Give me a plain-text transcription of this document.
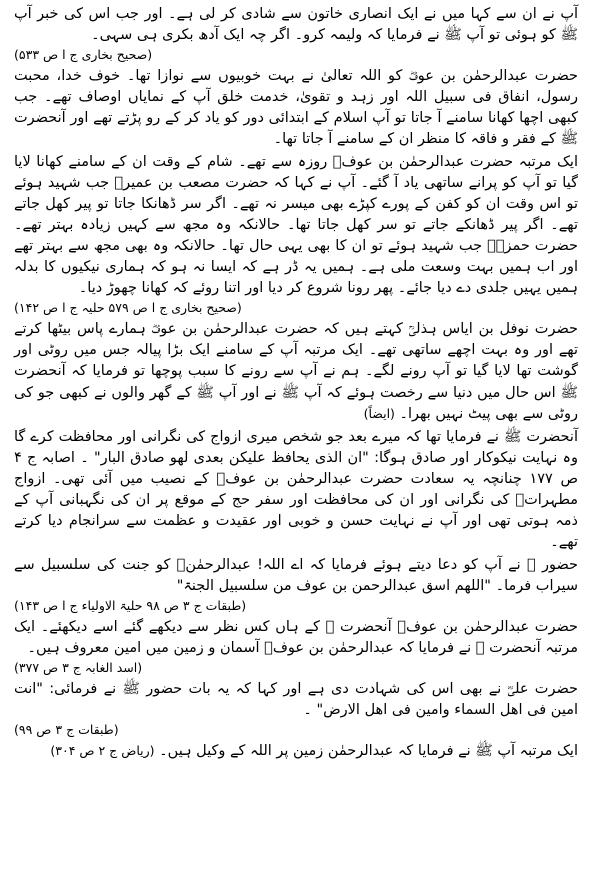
آپ نے ان سے کہا میں نے ایک انصاری خاتون سے شادی کر لی ہے۔ اور جب اس کی خبر آپ ﷺ کو ہوئی تو آپ ﷺ نے فرمایا کہ ولیمہ کرو۔ اگر چہ ایک آدھ بکری ہی سہی۔
(صحیح بخاری ج ا ص ۵۳۳)

حضرت عبدالرحمٰن بن عوفؓ کو اللہ تعالیٰ نے بہت خوبیوں سے نوازا تھا۔ خوف خدا، محبت رسول، انفاق فی سبیل اللہ اور زہد و تقویٰ، خدمت خلق آپ کے نمایاں اوصاف تھے۔ جب کبھی اچھا کھانا سامنے آ جاتا تو آپ اسلام کے ابتدائی دور کو یاد کر کے رو پڑتے تھے اور آنحضرت ﷺ کے فقر و فاقہ کا منظر ان کے سامنے آ جاتا تھا۔

ایک مرتبہ حضرت عبدالرحمٰن بن عوفؓ روزہ سے تھے۔ شام کے وقت ان کے سامنے کھانا لایا گیا تو آپ کو پرانے ساتھی یاد آ گئے۔ آپ نے کہا کہ حضرت مصعب بن عمیرؓ جب شہید ہوئے تو اس وقت ان کو کفن کے پورے کپڑے بھی میسر نہ تھے۔ اگر سر ڈھانکا جاتا تو پیر کھل جاتے تھے۔ اگر پیر ڈھانکے جاتے تو سر کھل جاتا تھا۔ حالانکہ وہ مجھ سے کہیں زیادہ بہتر تھے۔ حضرت حمزہؓ جب شہید ہوئے تو ان کا بھی یہی حال تھا۔ حالانکہ وہ بھی مجھ سے بہتر تھے اور اب ہمیں بہت وسعت ملی ہے۔ ہمیں یہ ڈر ہے کہ ایسا نہ ہو کہ ہماری نیکیوں کا بدلہ ہمیں یہیں جلدی دے دیا جائے۔ پھر رونا شروع کر دیا اور اتنا روئے کہ کھانا چھوڑ دیا۔
(صحیح بخاری ج ا ص ۵۷۹ حلیہ ج ا ص ۱۴۲)

حضرت نوفل بن ایاس ہذلیؒ کہتے ہیں کہ حضرت عبدالرحمٰن بن عوفؓ ہمارے پاس بیٹھا کرتے تھے اور وہ بہت اچھے ساتھی تھے۔ ایک مرتبہ آپ کے سامنے ایک بڑا پیالہ جس میں روٹی اور گوشت تھا لایا گیا تو آپ رونے لگے۔ ہم نے آپ سے رونے کا سبب پوچھا تو فرمایا کہ آنحضرت ﷺ اس حال میں دنیا سے رخصت ہوئے کہ آپ ﷺ نے اور آپ ﷺ کے گھر والوں نے کبھی جو کی روٹی سے بھی پیٹ نہیں بھرا۔ (ایضاً)

آنحضرت ﷺ نے فرمایا تھا کہ میرے بعد جو شخص میری ازواج کی نگرانی اور محافظت کرے گا وہ نہایت نیکوکار اور صادق ہوگا: "ان الذی یحافظ علیکن بعدی لھو صادق البار" ۔ اصابہ ج ۴ ص ۱۷۷ چنانچہ یہ سعادت حضرت عبدالرحمٰن بن عوفؓ کے نصیب میں آئی تھی۔ ازواج مطہراتؓ کی نگرانی اور ان کی محافظت اور سفر حج کے موقع پر ان کی نگہبانی آپ کے ذمہ ہوتی تھی اور آپ نے نہایت حسن و خوبی اور عقیدت و عظمت سے سرانجام دیا کرتے تھے۔

حضور ﷺ نے آپ کو دعا دیتے ہوئے فرمایا کہ اے اللہ! عبدالرحمٰنؓ کو جنت کی سلسبیل سے سیراب فرما۔ "اللھم اسق عبدالرحمن بن عوف من سلسبیل الجنۃ"
(طبقات ج ۳ ص ۹۸ حلیۃ الاولیاء ج ا ص ۱۴۳)

حضرت عبدالرحمٰن بن عوفؓ آنحضرت ﷺ کے ہاں کس نظر سے دیکھے گئے اسے دیکھئے۔ ایک مرتبہ آنحضرت ﷺ نے فرمایا کہ عبدالرحمٰن بن عوفؓ آسمان و زمین میں امین معروف ہیں۔
(اسد الغابہ ج ۳ ص ۳۷۷)

حضرت علیؓ نے بھی اس کی شہادت دی ہے اور کہا کہ یہ بات حضور ﷺ نے فرمائی: "انت امین فی اھل السماء وامین فی اھل الارض" ۔
(طبقات ج ۳ ص ۹۹)

ایک مرتبہ آپ ﷺ نے فرمایا کہ عبدالرحمٰن زمین پر اللہ کے وکیل ہیں۔ (ریاض ج ۲ ص ۳۰۴)
